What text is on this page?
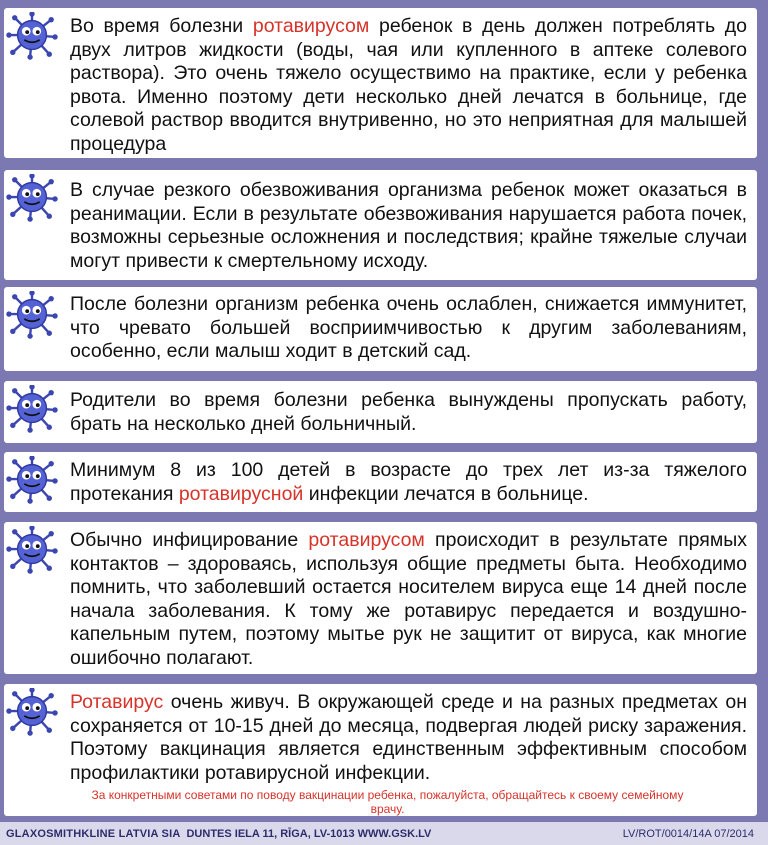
Во время болезни ротавирусом ребенок в день должен потреблять до двух литров жидкости (воды, чая или купленного в аптеке солевого раствора). Это очень тяжело осуществимо на практике, если у ребенка рвота. Именно поэтому дети несколько дней лечатся в больнице, где солевой раствор вводится внутривенно, но это неприятная для малышей процедура

В случае резкого обезвоживания организма ребенок может оказаться в реанимации. Если в результате обезвоживания нарушается работа почек, возможны серьезные осложнения и последствия; крайне тяжелые случаи могут привести к смертельному исходу.

После болезни организм ребенка очень ослаблен, снижается иммунитет, что чревато большей восприимчивостью к другим заболеваниям, особенно, если малыш ходит в детский сад.

Родители во время болезни ребенка вынуждены пропускать работу, брать на несколько дней больничный.

Минимум 8 из 100 детей в возрасте до трех лет из-за тяжелого протекания ротавирусной инфекции лечатся в больнице.

Обычно инфицирование ротавирусом происходит в результате прямых контактов – здороваясь, используя общие предметы быта. Необходимо помнить, что заболевший остается носителем вируса еще 14 дней после начала заболевания. К тому же ротавирус передается и воздушно-капельным путем, поэтому мытье рук не защитит от вируса, как многие ошибочно полагают.

Ротавирус очень живуч. В окружающей среде и на разных предметах он сохраняется от 10-15 дней до месяца, подвергая людей риску заражения. Поэтому вакцинация является единственным эффективным способом профилактики ротавирусной инфекции.

За конкретными советами по поводу вакцинации ребенка, пожалуйста, обращайтесь к своему семейному врачу.
GLAXOSMITHKLINE LATVIA SIA DUNTES IELA 11, RĪGA, LV-1013 WWW.GSK.LV	LV/ROT/0014/14A 07/2014
